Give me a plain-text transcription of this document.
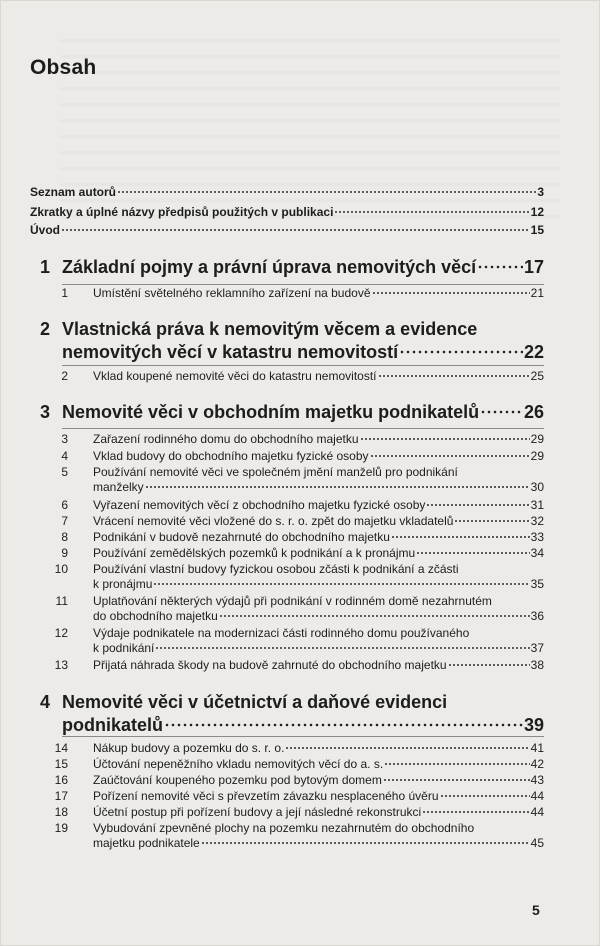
Obsah
Seznam autorů	3
Zkratky a úplné názvy předpisů použitých v publikaci	12
Úvod	15
1 Základní pojmy a právní úprava nemovitých věcí	17
1 Umístění světelného reklamního zařízení na budově	21
2 Vlastnická práva k nemovitým věcem a evidence
nemovitých věcí v katastru nemovitostí	22
2 Vklad koupené nemovité věci do katastru nemovitostí	25
3 Nemovité věci v obchodním majetku podnikatelů 26
3 Zařazení rodinného domu do obchodního majetku	29
4 Vklad budovy do obchodního majetku fyzické osoby	29
5 Používání nemovité věci ve společném jmění manželů pro podnikání
manželky	30
6 Vyřazení nemovitých věcí z obchodního majetku fyzické osoby	31
7 Vrácení nemovité věci vložené do s. r. o. zpět do majetku vkladatelů	32
8 Podnikání v budově nezahrnuté do obchodního majetku	33
9 Používání zemědělských pozemků k podnikání a k pronájmu	34
10 Používání vlastní budovy fyzickou osobou zčásti k podnikání a zčásti
k pronájmu	35
11 Uplatňování některých výdajů při podnikání v rodinném domě nezahrnutém
do obchodního majetku	36
12 Výdaje podnikatele na modernizaci části rodinného domu používaného
k podnikání	37
13 Přijatá náhrada škody na budově zahrnuté do obchodního majetku	38
4 Nemovité věci v účetnictví a daňové evidenci
podnikatelů	39
14 Nákup budovy a pozemku do s. r. o.	41
15 Účtování nepeněžního vkladu nemovitých věcí do a. s.	42
16 Zaúčtování koupeného pozemku pod bytovým domem	43
17 Pořízení nemovité věci s převzetím závazku nesplaceného úvěru	44
18 Účetní postup při pořízení budovy a její následné rekonstrukci	44
19 Vybudování zpevněné plochy na pozemku nezahrnutém do obchodního
majetku podnikatele	45
5
